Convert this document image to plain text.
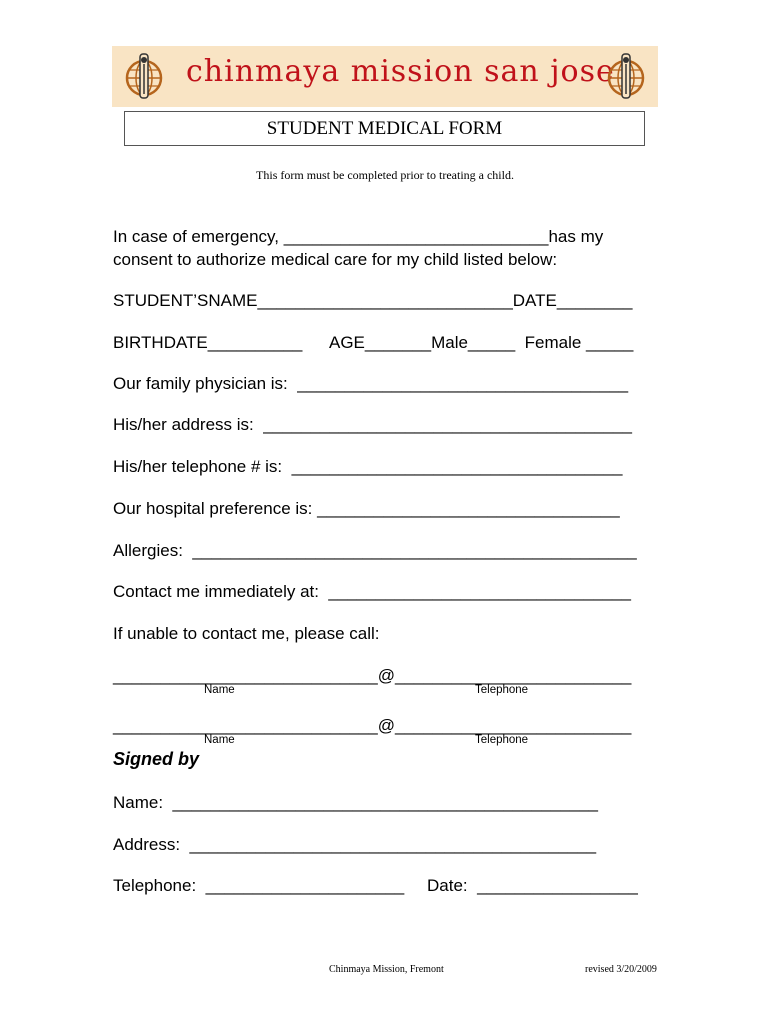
chinmaya mission san jose
STUDENT MEDICAL FORM
This form must be completed prior to treating a child.
In case of emergency, ____________________________has my
consent to authorize medical care for my child listed below:
STUDENT’SNAME___________________________DATE________
BIRTHDATE__________ AGE_______Male_____  Female _____
Our family physician is:  ___________________________________
His/her address is:  _______________________________________
His/her telephone # is:  ___________________________________
Our hospital preference is: ________________________________
Allergies:  _______________________________________________
Contact me immediately at:  ________________________________
If unable to contact me, please call:
____________________________@_________________________
Name	Telephone
____________________________@_________________________
Name	Telephone
Signed by
Name:  _____________________________________________
Address:  ___________________________________________
Telephone:  _____________________ Date:  _________________
Chinmaya Mission, Fremont	revised 3/20/2009
